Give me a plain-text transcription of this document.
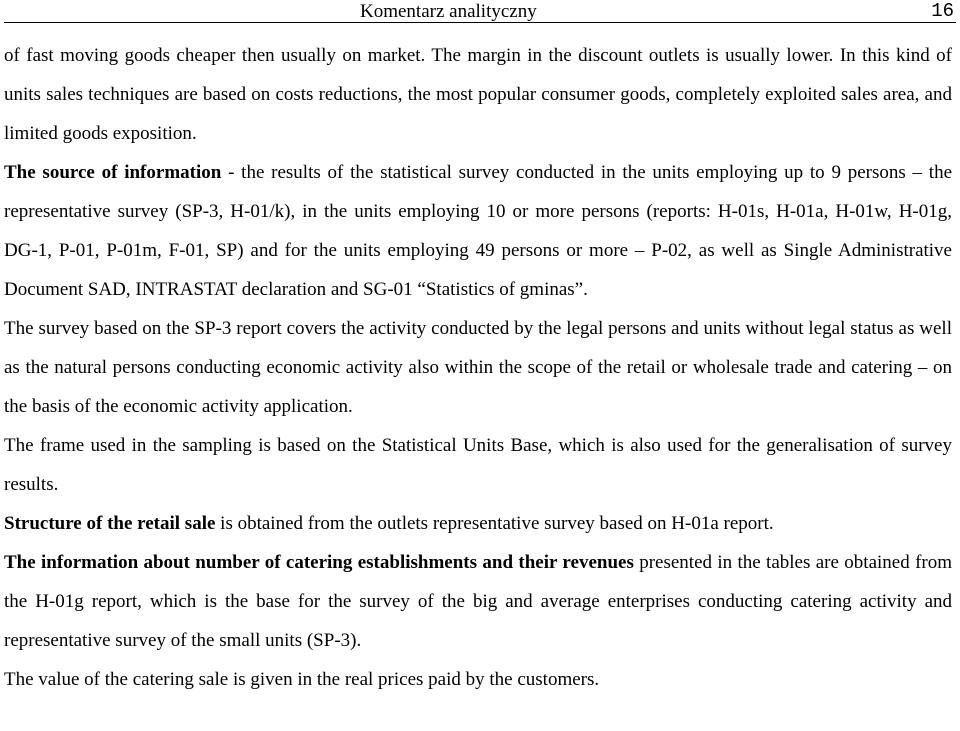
Komentarz analityczny	16

of fast moving goods cheaper then usually on market. The margin in the discount outlets is usually lower. In this kind of units sales techniques are based on costs reductions, the most popular consumer goods, completely exploited sales area, and limited goods exposition.

The source of information - the results of the statistical survey conducted in the units employing up to 9 persons – the representative survey (SP-3, H-01/k), in the units employing 10 or more persons (reports: H-01s, H-01a, H-01w, H-01g, DG-1, P-01, P-01m, F-01, SP) and for the units employing 49 persons or more – P-02, as well as Single Administrative Document SAD, INTRASTAT declaration and SG-01 “Statistics of gminas”.

The survey based on the SP-3 report covers the activity conducted by the legal persons and units without legal status as well as the natural persons conducting economic activity also within the scope of the retail or wholesale trade and catering – on the basis of the economic activity application.

The frame used in the sampling is based on the Statistical Units Base, which is also used for the generalisation of survey results.

Structure of the retail sale is obtained from the outlets representative survey based on H-01a report.

The information about number of catering establishments and their revenues presented in the tables are obtained from the H-01g report, which is the base for the survey of the big and average enterprises conducting catering activity and representative survey of the small units (SP-3).

The value of the catering sale is given in the real prices paid by the customers.
